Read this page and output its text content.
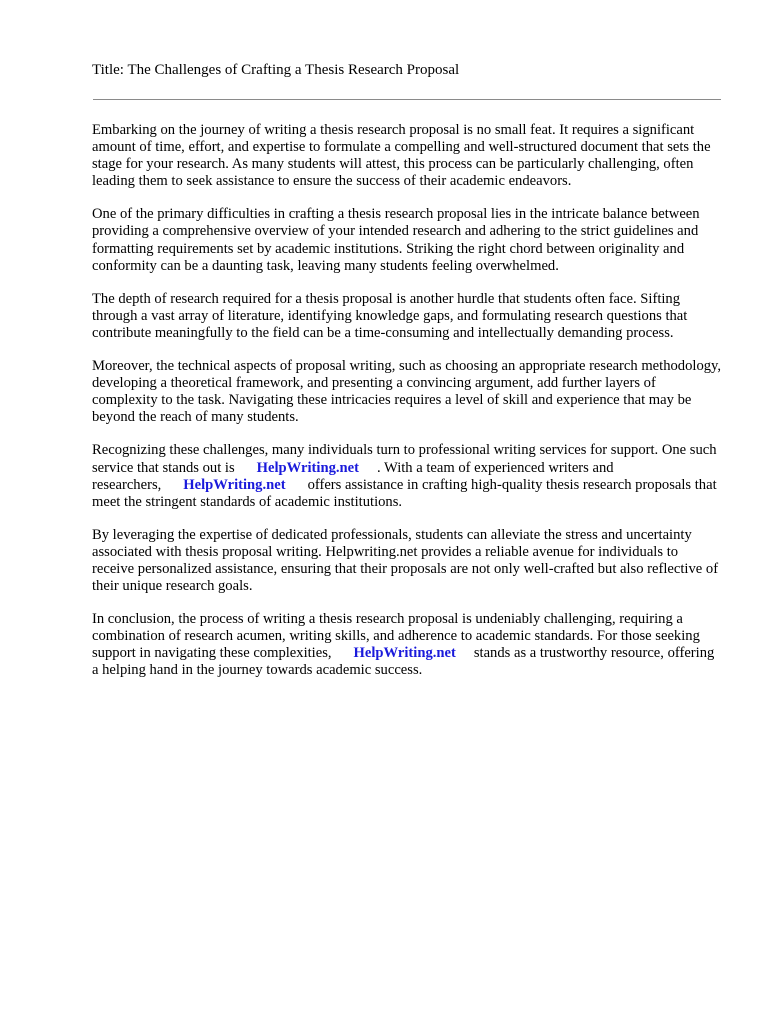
Title: The Challenges of Crafting a Thesis Research Proposal

Embarking on the journey of writing a thesis research proposal is no small feat. It requires a significant amount of time, effort, and expertise to formulate a compelling and well-structured document that sets the stage for your research. As many students will attest, this process can be particularly challenging, often leading them to seek assistance to ensure the success of their academic endeavors.

One of the primary difficulties in crafting a thesis research proposal lies in the intricate balance between providing a comprehensive overview of your intended research and adhering to the strict guidelines and formatting requirements set by academic institutions. Striking the right chord between originality and conformity can be a daunting task, leaving many students feeling overwhelmed.

The depth of research required for a thesis proposal is another hurdle that students often face. Sifting through a vast array of literature, identifying knowledge gaps, and formulating research questions that contribute meaningfully to the field can be a time-consuming and intellectually demanding process.

Moreover, the technical aspects of proposal writing, such as choosing an appropriate research methodology, developing a theoretical framework, and presenting a convincing argument, add further layers of complexity to the task. Navigating these intricacies requires a level of skill and experience that may be beyond the reach of many students.

Recognizing these challenges, many individuals turn to professional writing services for support. One such service that stands out is HelpWriting.net . With a team of experienced writers and researchers, HelpWriting.net offers assistance in crafting high-quality thesis research proposals that meet the stringent standards of academic institutions.

By leveraging the expertise of dedicated professionals, students can alleviate the stress and uncertainty associated with thesis proposal writing. Helpwriting.net provides a reliable avenue for individuals to receive personalized assistance, ensuring that their proposals are not only well-crafted but also reflective of their unique research goals.

In conclusion, the process of writing a thesis research proposal is undeniably challenging, requiring a combination of research acumen, writing skills, and adherence to academic standards. For those seeking support in navigating these complexities, HelpWriting.net stands as a trustworthy resource, offering a helping hand in the journey towards academic success.
